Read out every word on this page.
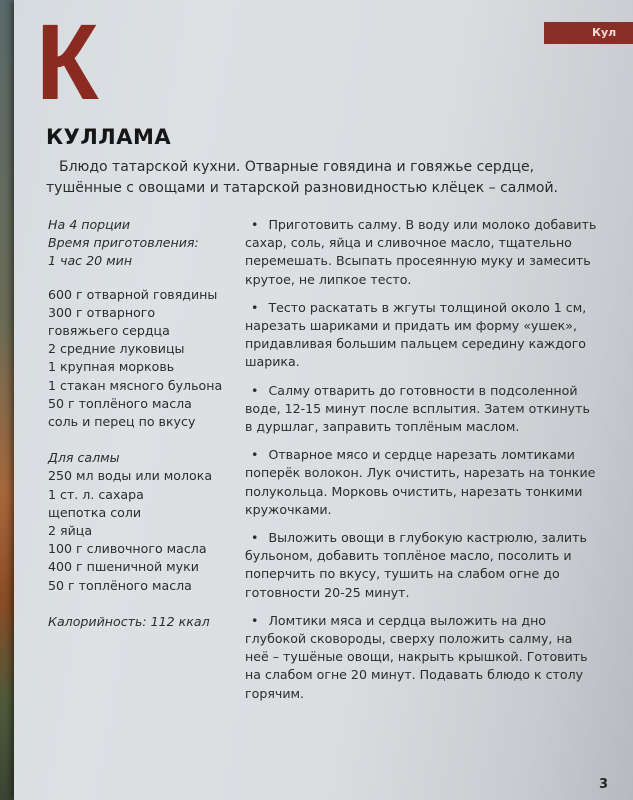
К	Кул
КУЛЛАМА

Блюдо татарской кухни. Отварные говядина и говяжье сердце, тушённые с овощами и татарской разновидностью клёцек – салмой.

На 4 порции
Время приготовления:
1 час 20 мин
600 г отварной говядины
300 г отварного
говяжьего сердца
2 средние луковицы
1 крупная морковь
1 стакан мясного бульона
50 г топлёного масла
соль и перец по вкусу
Для салмы
250 мл воды или молока
1 ст. л. сахара
щепотка соли
2 яйца
100 г сливочного масла
400 г пшеничной муки
50 г топлёного масла
Калорийность: 112 ккал

• Приготовить салму. В воду или молоко добавить сахар, соль, яйца и сливочное масло, тщательно перемешать. Всыпать просеянную муку и замесить крутое, не липкое тесто.

• Тесто раскатать в жгуты толщиной около 1 см, нарезать шариками и придать им форму «ушек», придавливая большим пальцем середину каждого шарика.

• Салму отварить до готовности в подсоленной воде, 12-15 минут после всплытия. Затем откинуть в дуршлаг, заправить топлёным маслом.

• Отварное мясо и сердце нарезать ломтиками поперёк волокон. Лук очистить, нарезать на тонкие полукольца. Морковь очистить, нарезать тонкими кружочками.

• Выложить овощи в глубокую кастрюлю, залить бульоном, добавить топлёное масло, посолить и поперчить по вкусу, тушить на слабом огне до готовности 20-25 минут.

• Ломтики мяса и сердца выложить на дно глубокой сковороды, сверху положить салму, на неё – тушёные овощи, накрыть крышкой. Готовить на слабом огне 20 минут. Подавать блюдо к столу горячим.

3
